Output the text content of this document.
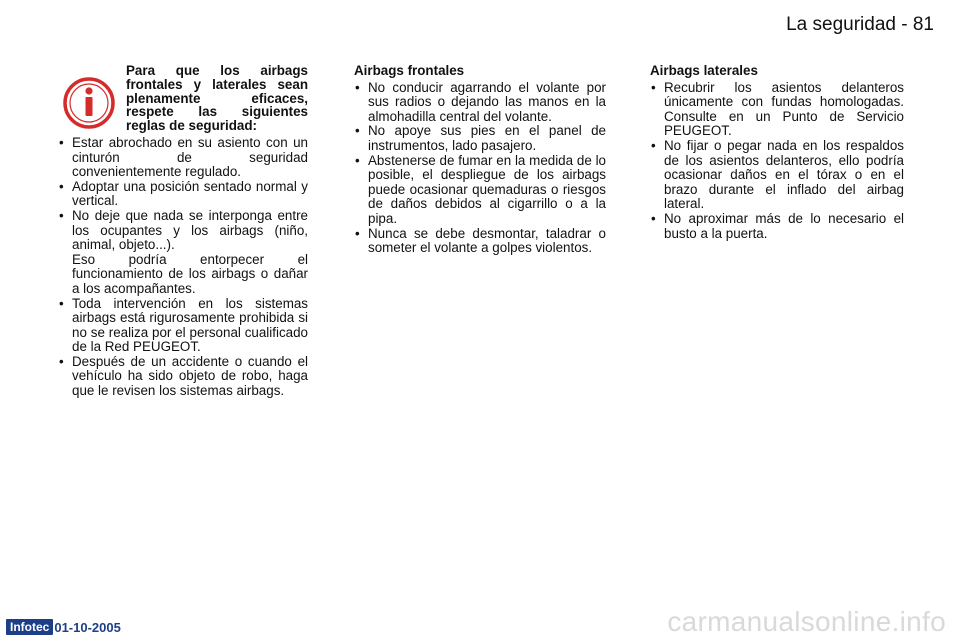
La seguridad - 81
Para que los airbags frontales y laterales sean plenamente eficaces, respete las siguientes reglas de seguridad:
• Estar abrochado en su asiento con un cinturón de seguridad convenientemente regulado.
• Adoptar una posición sentado normal y vertical.
• No deje que nada se interponga entre los ocupantes y los airbags (niño, animal, objeto...).
Eso podría entorpecer el funcionamiento de los airbags o dañar a los acompañantes.
• Toda intervención en los sistemas airbags está rigurosamente prohibida si no se realiza por el personal cualificado de la Red PEUGEOT.
• Después de un accidente o cuando el vehículo ha sido objeto de robo, haga que le revisen los sistemas airbags.
Airbags frontales
• No conducir agarrando el volante por sus radios o dejando las manos en la almohadilla central del volante.
• No apoye sus pies en el panel de instrumentos, lado pasajero.
• Abstenerse de fumar en la medida de lo posible, el despliegue de los airbags puede ocasionar quemaduras o riesgos de daños debidos al cigarrillo o a la pipa.
• Nunca se debe desmontar, taladrar o someter el volante a golpes violentos.
Airbags laterales
• Recubrir los asientos delanteros únicamente con fundas homologadas. Consulte en un Punto de Servicio PEUGEOT.
• No fijar o pegar nada en los respaldos de los asientos delanteros, ello podría ocasionar daños en el tórax o en el brazo durante el inflado del airbag lateral.
• No aproximar más de lo necesario el busto a la puerta.
Infotec 01-10-2005	carmanualsonline.info
